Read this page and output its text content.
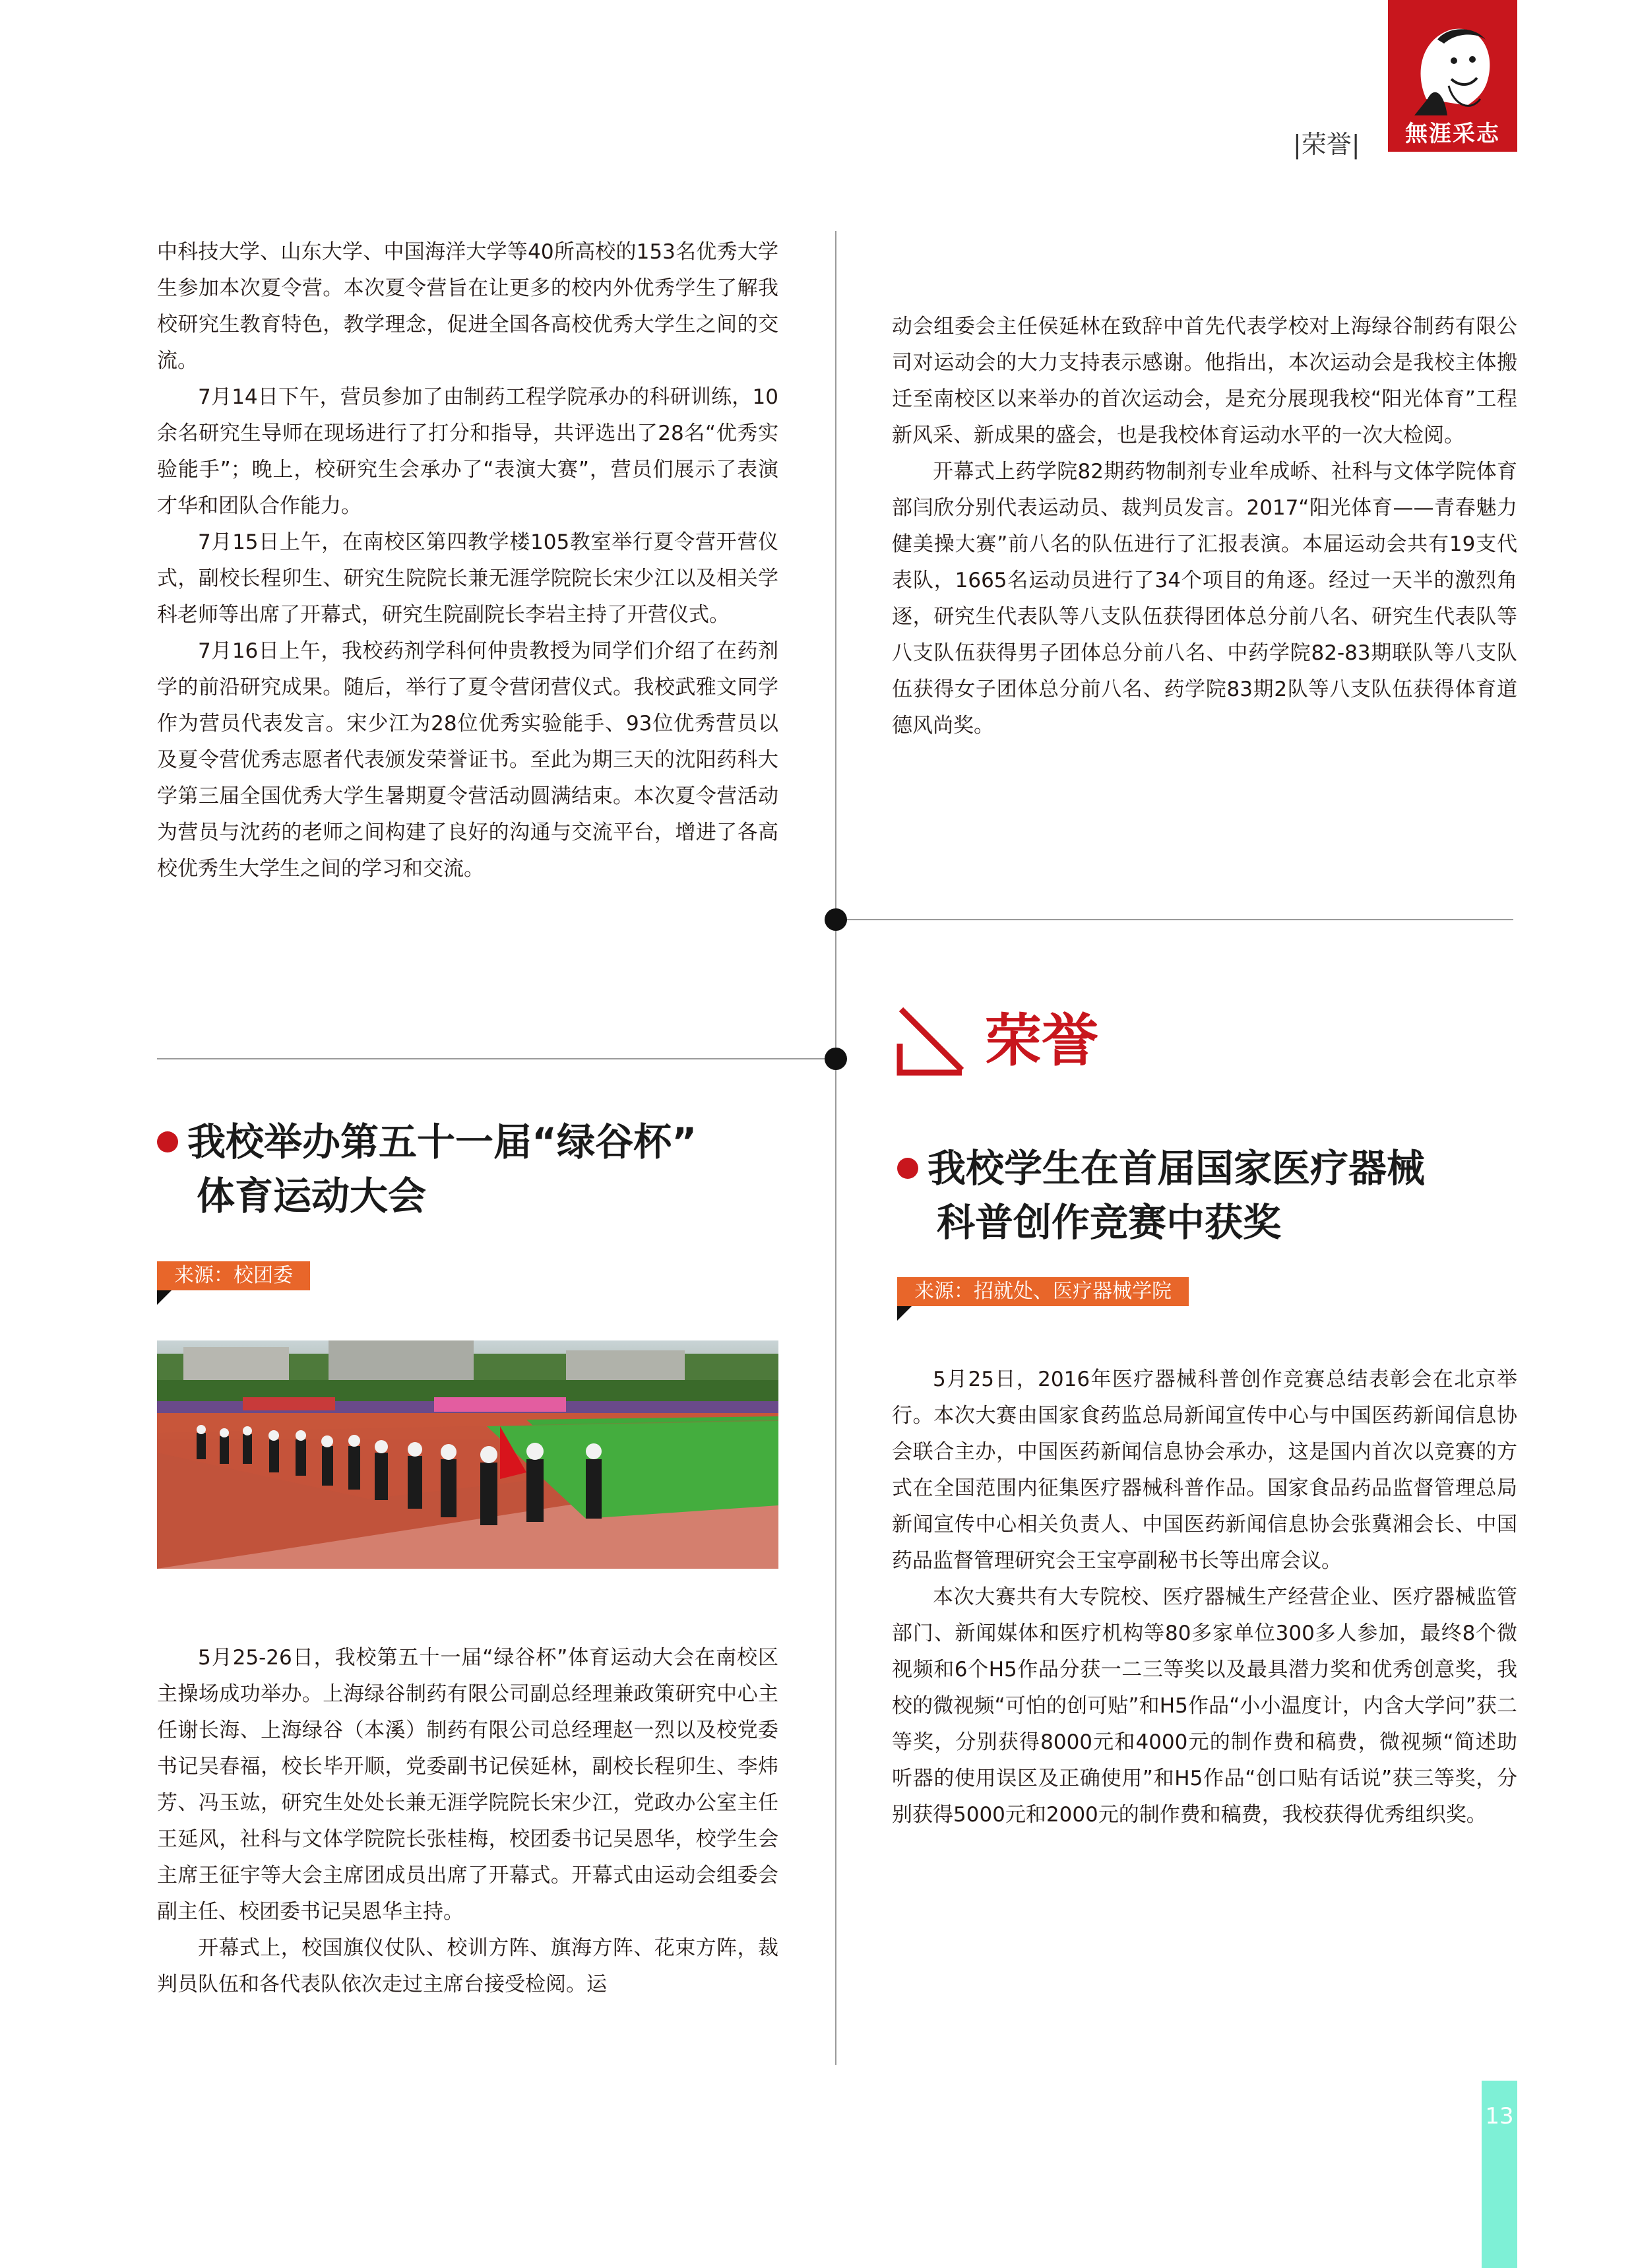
無涯采志
|荣誉|

中科技大学、山东大学、中国海洋大学等40所高校的153名优秀大学生参加本次夏令营。本次夏令营旨在让更多的校内外优秀学生了解我校研究生教育特色，教学理念，促进全国各高校优秀大学生之间的交流。

7月14日下午，营员参加了由制药工程学院承办的科研训练，10余名研究生导师在现场进行了打分和指导，共评选出了28名“优秀实验能手”；晚上，校研究生会承办了“表演大赛”，营员们展示了表演才华和团队合作能力。

7月15日上午，在南校区第四教学楼105教室举行夏令营开营仪式，副校长程卯生、研究生院院长兼无涯学院院长宋少江以及相关学科老师等出席了开幕式，研究生院副院长李岩主持了开营仪式。

7月16日上午，我校药剂学科何仲贵教授为同学们介绍了在药剂学的前沿研究成果。随后，举行了夏令营闭营仪式。我校武雅文同学作为营员代表发言。宋少江为28位优秀实验能手、93位优秀营员以及夏令营优秀志愿者代表颁发荣誉证书。至此为期三天的沈阳药科大学第三届全国优秀大学生暑期夏令营活动圆满结束。本次夏令营活动为营员与沈药的老师之间构建了良好的沟通与交流平台，增进了各高校优秀生大学生之间的学习和交流。

我校举办第五十一届“绿谷杯”
体育运动大会
来源：校团委

5月25-26日，我校第五十一届“绿谷杯”体育运动大会在南校区主操场成功举办。上海绿谷制药有限公司副总经理兼政策研究中心主任谢长海、上海绿谷（本溪）制药有限公司总经理赵一烈以及校党委书记吴春福，校长毕开顺，党委副书记侯延林，副校长程卯生、李炜芳、冯玉竑，研究生处处长兼无涯学院院长宋少江，党政办公室主任王延风，社科与文体学院院长张桂梅，校团委书记吴恩华，校学生会主席王征宇等大会主席团成员出席了开幕式。开幕式由运动会组委会副主任、校团委书记吴恩华主持。

开幕式上，校国旗仪仗队、校训方阵、旗海方阵、花束方阵，裁判员队伍和各代表队依次走过主席台接受检阅。运

动会组委会主任侯延林在致辞中首先代表学校对上海绿谷制药有限公司对运动会的大力支持表示感谢。他指出，本次运动会是我校主体搬迁至南校区以来举办的首次运动会，是充分展现我校“阳光体育”工程新风采、新成果的盛会，也是我校体育运动水平的一次大检阅。

开幕式上药学院82期药物制剂专业牟成峤、社科与文体学院体育部闫欣分别代表运动员、裁判员发言。2017“阳光体育——青春魅力健美操大赛”前八名的队伍进行了汇报表演。本届运动会共有19支代表队，1665名运动员进行了34个项目的角逐。经过一天半的激烈角逐，研究生代表队等八支队伍获得团体总分前八名、研究生代表队等八支队伍获得男子团体总分前八名、中药学院82-83期联队等八支队伍获得女子团体总分前八名、药学院83期2队等八支队伍获得体育道德风尚奖。

荣誉
我校学生在首届国家医疗器械
科普创作竞赛中获奖
来源：招就处、医疗器械学院

5月25日，2016年医疗器械科普创作竞赛总结表彰会在北京举行。本次大赛由国家食药监总局新闻宣传中心与中国医药新闻信息协会联合主办，中国医药新闻信息协会承办，这是国内首次以竞赛的方式在全国范围内征集医疗器械科普作品。国家食品药品监督管理总局新闻宣传中心相关负责人、中国医药新闻信息协会张冀湘会长、中国药品监督管理研究会王宝亭副秘书长等出席会议。

本次大赛共有大专院校、医疗器械生产经营企业、医疗器械监管部门、新闻媒体和医疗机构等80多家单位300多人参加，最终8个微视频和6个H5作品分获一二三等奖以及最具潜力奖和优秀创意奖，我校的微视频“可怕的创可贴”和H5作品“小小温度计，内含大学问”获二等奖，分别获得8000元和4000元的制作费和稿费，微视频“简述助听器的使用误区及正确使用”和H5作品“创口贴有话说”获三等奖，分别获得5000元和2000元的制作费和稿费，我校获得优秀组织奖。

13
